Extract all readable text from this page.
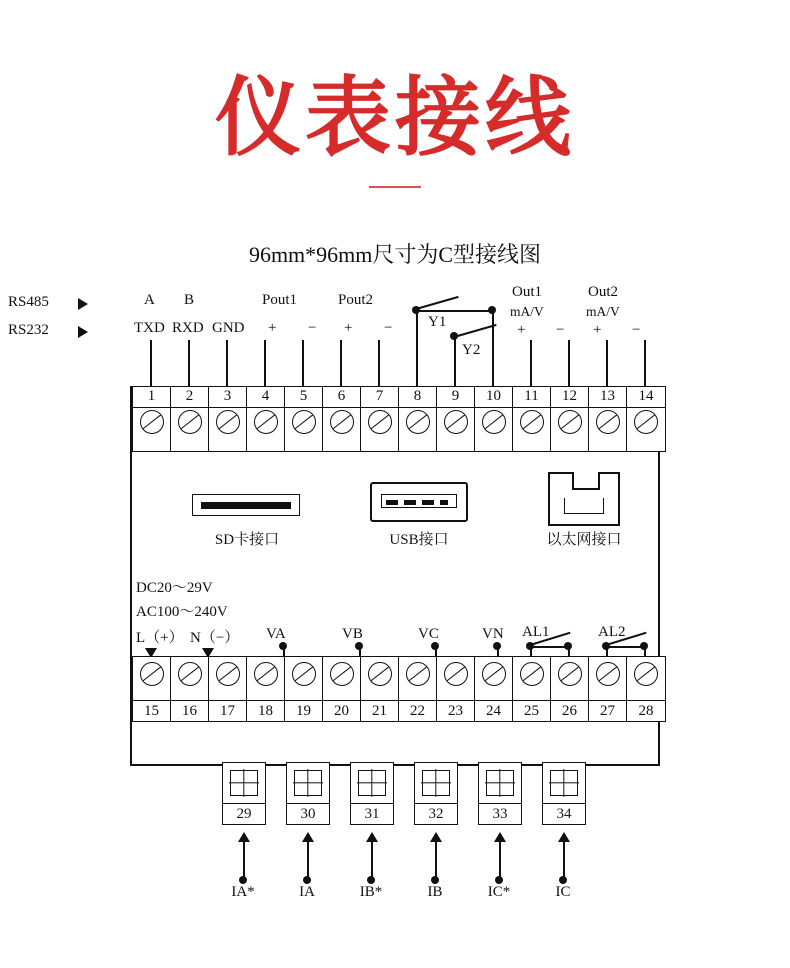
仪表接线
96mm*96mm尺寸为C型接线图
RS485
RS232
A B
TXD RXD GND
Pout1
+ −
Pout2
+ −
Out1
mA/V
+ −
Out2
mA/V
+ −
Y1
Y2
1 2 3 4 5 6 7 8 9 10 11 12 13 14
SD卡接口	USB接口	以太网接口
DC20～29V
AC100～240V
L（+） N（−） VA	VB	VC	VN AL1	AL2
15 16 17 18 19 20 21 22 23 24 25 26 27 28
29	30	31	32	33	34
IA*	IA	IB*	IB	IC*	IC
